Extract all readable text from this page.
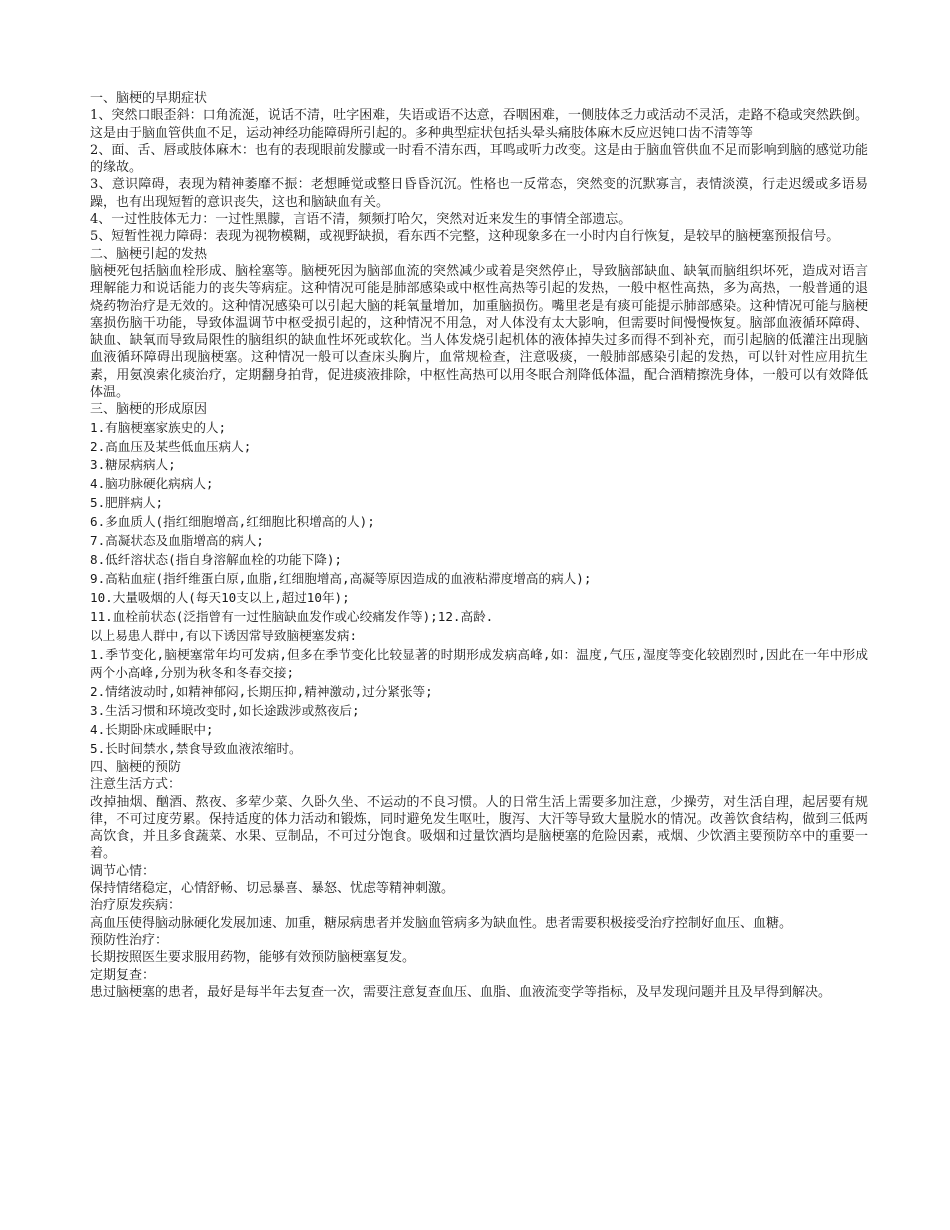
一、脑梗的早期症状

1、突然口眼歪斜：口角流涎，说话不清，吐字困难，失语或语不达意，吞咽困难，一侧肢体乏力或活动不灵活，走路不稳或突然跌倒。这是由于脑血管供血不足，运动神经功能障碍所引起的。多种典型症状包括头晕头痛肢体麻木反应迟钝口齿不清等等

2、面、舌、唇或肢体麻木：也有的表现眼前发朦或一时看不清东西，耳鸣或听力改变。这是由于脑血管供血不足而影响到脑的感觉功能的缘故。

3、意识障碍，表现为精神萎靡不振：老想睡觉或整日昏昏沉沉。性格也一反常态，突然变的沉默寡言，表情淡漠，行走迟缓或多语易躁，也有出现短暂的意识丧失，这也和脑缺血有关。

4、一过性肢体无力：一过性黑朦，言语不清，频频打哈欠，突然对近来发生的事情全部遗忘。

5、短暂性视力障碍：表现为视物模糊，或视野缺损，看东西不完整，这种现象多在一小时内自行恢复，是较早的脑梗塞预报信号。

二、脑梗引起的发热

脑梗死包括脑血栓形成、脑栓塞等。脑梗死因为脑部血流的突然减少或着是突然停止，导致脑部缺血、缺氧而脑组织坏死，造成对语言理解能力和说话能力的丧失等病症。这种情况可能是肺部感染或中枢性高热等引起的发热，一般中枢性高热，多为高热，一般普通的退烧药物治疗是无效的。这种情况感染可以引起大脑的耗氧量增加，加重脑损伤。嘴里老是有痰可能提示肺部感染。这种情况可能与脑梗塞损伤脑干功能，导致体温调节中枢受损引起的，这种情况不用急，对人体没有太大影响，但需要时间慢慢恢复。脑部血液循环障碍、缺血、缺氧而导致局限性的脑组织的缺血性坏死或软化。当人体发烧引起机体的液体掉失过多而得不到补充，而引起脑的低灌注出现脑血液循环障碍出现脑梗塞。这种情况一般可以查床头胸片，血常规检查，注意吸痰，一般肺部感染引起的发热，可以针对性应用抗生素，用氨溴索化痰治疗，定期翻身拍背，促进痰液排除，中枢性高热可以用冬眠合剂降低体温，配合酒精擦洗身体，一般可以有效降低体温。

三、脑梗的形成原因

1.有脑梗塞家族史的人;

2.高血压及某些低血压病人;

3.糖尿病病人;

4.脑功脉硬化病病人;

5.肥胖病人;

6.多血质人(指红细胞增高,红细胞比积增高的人);

7.高凝状态及血脂增高的病人;

8.低纤溶状态(指自身溶解血栓的功能下降);

9.高粘血症(指纤维蛋白原,血脂,红细胞增高,高凝等原因造成的血液粘滞度增高的病人);

10.大量吸烟的人(每天10支以上,超过10年);

11.血栓前状态(泛指曾有一过性脑缺血发作或心绞痛发作等);12.高龄.

以上易患人群中,有以下诱因常导致脑梗塞发病:

1.季节变化,脑梗塞常年均可发病,但多在季节变化比较显著的时期形成发病高峰,如：温度,气压,湿度等变化较剧烈时,因此在一年中形成两个小高峰,分别为秋冬和冬春交接;

2.情绪波动时,如精神郁闷,长期压抑,精神激动,过分紧张等;

3.生活习惯和环境改变时,如长途跋涉或熬夜后;

4.长期卧床或睡眠中;

5.长时间禁水,禁食导致血液浓缩时。

四、脑梗的预防

注意生活方式：

改掉抽烟、酗酒、熬夜、多荤少菜、久卧久坐、不运动的不良习惯。人的日常生活上需要多加注意，少操劳，对生活自理，起居要有规律，不可过度劳累。保持适度的体力活动和锻炼，同时避免发生呕吐，腹泻、大汗等导致大量脱水的情况。改善饮食结构，做到三低两高饮食，并且多食蔬菜、水果、豆制品，不可过分饱食。吸烟和过量饮酒均是脑梗塞的危险因素，戒烟、少饮酒主要预防卒中的重要一着。

调节心情：

保持情绪稳定，心情舒畅、切忌暴喜、暴怒、忧虑等精神刺激。

治疗原发疾病：

高血压使得脑动脉硬化发展加速、加重，糖尿病患者并发脑血管病多为缺血性。患者需要积极接受治疗控制好血压、血糖。

预防性治疗：

长期按照医生要求服用药物，能够有效预防脑梗塞复发。

定期复查：

患过脑梗塞的患者，最好是每半年去复查一次，需要注意复查血压、血脂、血液流变学等指标，及早发现问题并且及早得到解决。
